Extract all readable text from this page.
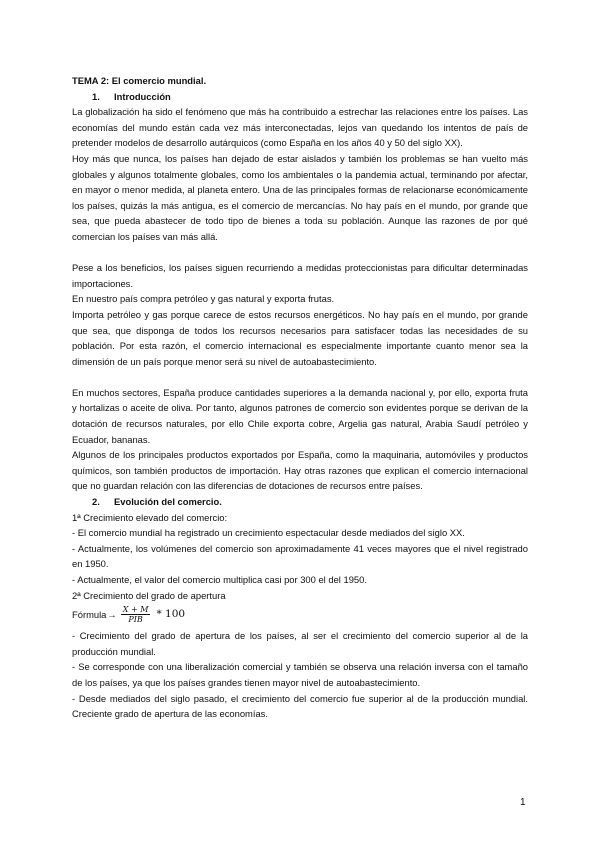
TEMA 2: El comercio mundial.

1. Introducción

La globalización ha sido el fenómeno que más ha contribuido a estrechar las relaciones entre los países. Las economías del mundo están cada vez más interconectadas, lejos van quedando los intentos de país de pretender modelos de desarrollo autárquicos (como España en los años 40 y 50 del siglo XX).

Hoy más que nunca, los países han dejado de estar aislados y también los problemas se han vuelto más globales y algunos totalmente globales, como los ambientales o la pandemia actual, terminando por afectar, en mayor o menor medida, al planeta entero. Una de las principales formas de relacionarse económicamente los países, quizás la más antigua, es el comercio de mercancías. No hay país en el mundo, por grande que sea, que pueda abastecer de todo tipo de bienes a toda su población. Aunque las razones de por qué comercian los países van más allá.

Pese a los beneficios, los países siguen recurriendo a medidas proteccionistas para dificultar determinadas importaciones.

En nuestro país compra petróleo y gas natural y exporta frutas.

Importa petróleo y gas porque carece de estos recursos energéticos. No hay país en el mundo, por grande que sea, que disponga de todos los recursos necesarios para satisfacer todas las necesidades de su población. Por esta razón, el comercio internacional es especialmente importante cuanto menor sea la dimensión de un país porque menor será su nivel de autoabastecimiento.

En muchos sectores, España produce cantidades superiores a la demanda nacional y, por ello, exporta fruta y hortalizas o aceite de oliva. Por tanto, algunos patrones de comercio son evidentes porque se derivan de la dotación de recursos naturales, por ello Chile exporta cobre, Argelia gas natural, Arabia Saudí petróleo y Ecuador, bananas.

Algunos de los principales productos exportados por España, como la maquinaria, automóviles y productos químicos, son también productos de importación. Hay otras razones que explican el comercio internacional que no guardan relación con las diferencias de dotaciones de recursos entre países.

2. Evolución del comercio.

1ª Crecimiento elevado del comercio:

- El comercio mundial ha registrado un crecimiento espectacular desde mediados del siglo XX.

- Actualmente, los volúmenes del comercio son aproximadamente 41 veces mayores que el nivel registrado en 1950.

- Actualmente, el valor del comercio multiplica casi por 300 el del 1950.

2ª Crecimiento del grado de apertura

Fórmula → $\frac{X + M}{\text{PIB}} * 100$

- Crecimiento del grado de apertura de los países, al ser el crecimiento del comercio superior al de la producción mundial.

- Se corresponde con una liberalización comercial y también se observa una relación inversa con el tamaño de los países, ya que los países grandes tienen mayor nivel de autoabastecimiento.

- Desde mediados del siglo pasado, el crecimiento del comercio fue superior al de la producción mundial. Creciente grado de apertura de las economías.

1
